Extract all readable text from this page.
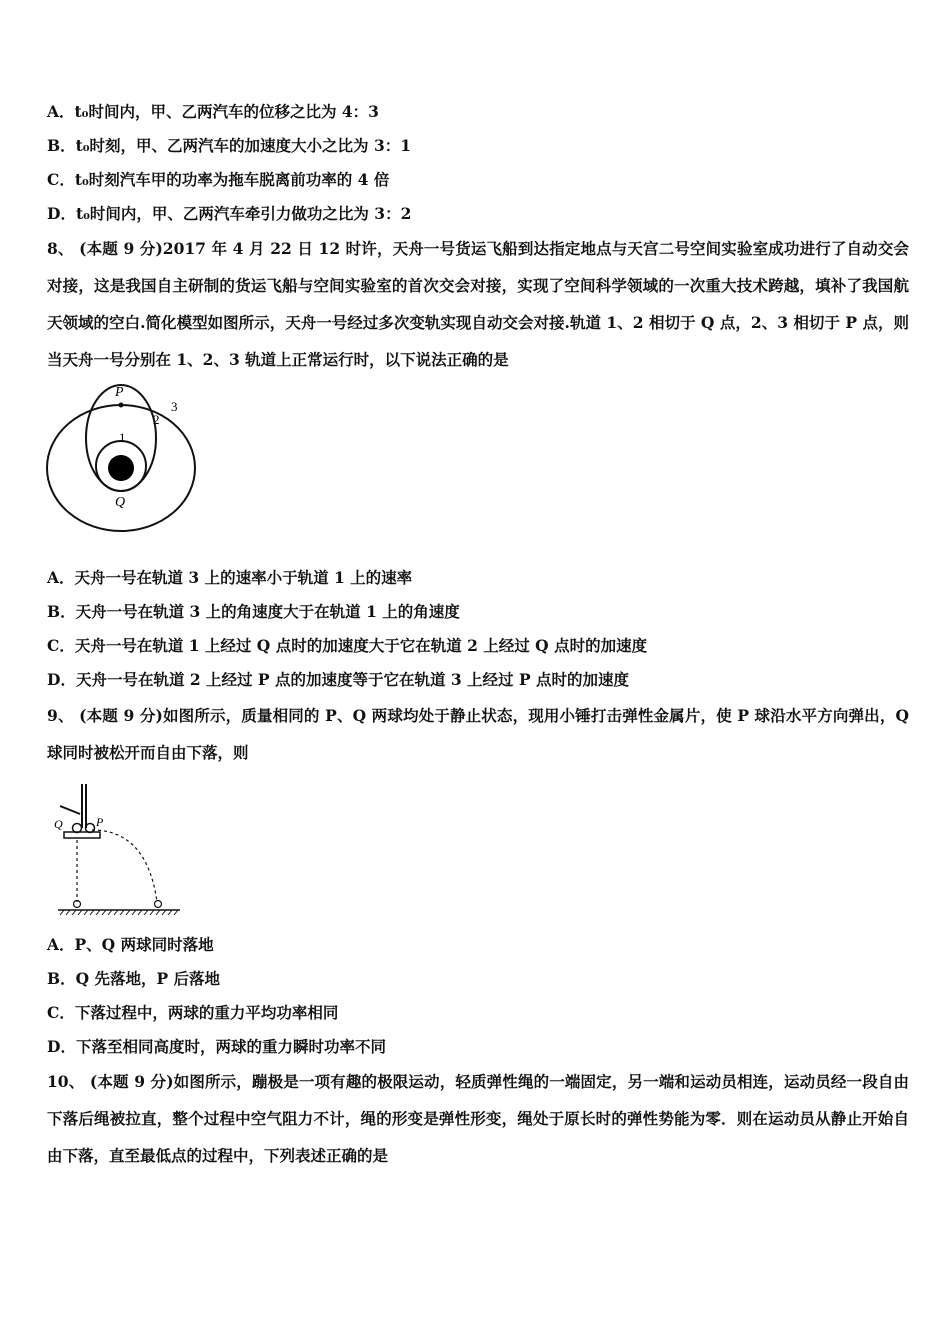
A．t₀时间内，甲、乙两汽车的位移之比为 4：3
B．t₀时刻，甲、乙两汽车的加速度大小之比为 3：1
C．t₀时刻汽车甲的功率为拖车脱离前功率的 4 倍
D．t₀时间内，甲、乙两汽车牵引力做功之比为 3：2
8、 (本题 9 分)2017 年 4 月 22 日 12 时许，天舟一号货运飞船到达指定地点与天宫二号空间实验室成功进行了自动交会对接，这是我国自主研制的货运飞船与空间实验室的首次交会对接，实现了空间科学领域的一次重大技术跨越，填补了我国航天领域的空白.简化模型如图所示，天舟一号经过多次变轨实现自动交会对接.轨道 1、2 相切于 Q 点，2、3 相切于 P 点，则当天舟一号分别在 1、2、3 轨道上正常运行时，以下说法正确的是
P
Q
1
2
3
A．天舟一号在轨道 3 上的速率小于轨道 1 上的速率
B．天舟一号在轨道 3 上的角速度大于在轨道 1 上的角速度
C．天舟一号在轨道 1 上经过 Q 点时的加速度大于它在轨道 2 上经过 Q 点时的加速度
D．天舟一号在轨道 2 上经过 P 点的加速度等于它在轨道 3 上经过 P 点时的加速度
9、 (本题 9 分)如图所示，质量相同的 P、Q 两球均处于静止状态，现用小锤打击弹性金属片，使 P 球沿水平方向弹出，Q 球同时被松开而自由下落，则
Q	P
A．P、Q 两球同时落地
B．Q 先落地，P 后落地
C．下落过程中，两球的重力平均功率相同
D．下落至相同高度时，两球的重力瞬时功率不同
10、 (本题 9 分)如图所示，蹦极是一项有趣的极限运动，轻质弹性绳的一端固定，另一端和运动员相连，运动员经一段自由下落后绳被拉直，整个过程中空气阻力不计，绳的形变是弹性形变，绳处于原长时的弹性势能为零．则在运动员从静止开始自由下落，直至最低点的过程中，下列表述正确的是
